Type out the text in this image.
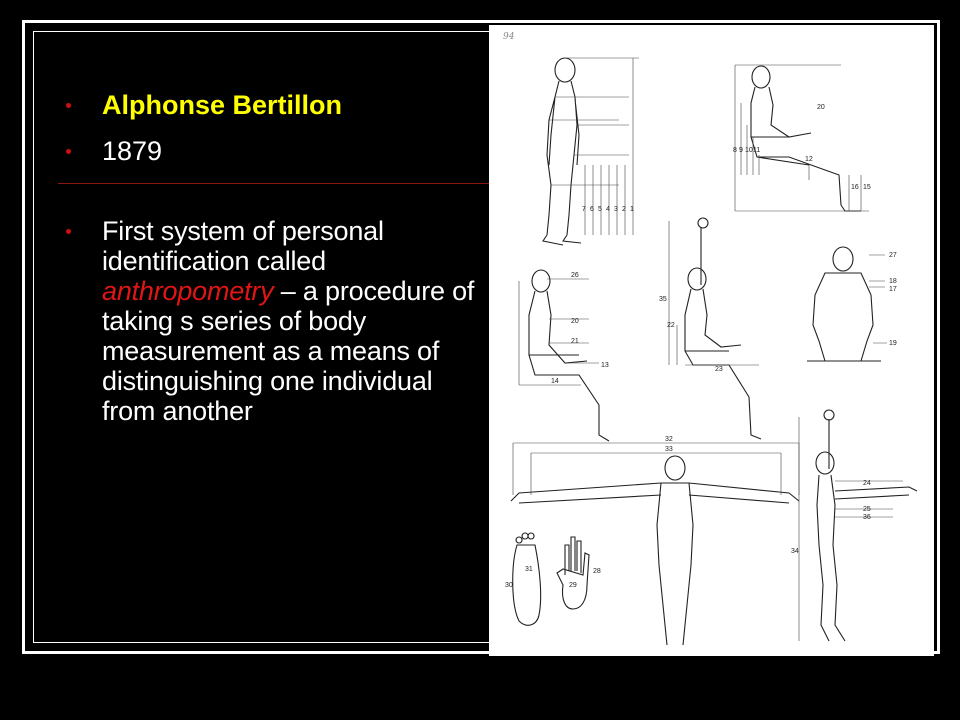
Alphonse Bertillon
1879
First system of personal identification called anthropometry – a procedure of taking s series of body measurement as a means of distinguishing one individual from another
94
7 6 5 4 3 2 1
8 9 10 11
20
12
16 15
26
20
21
13
14
35
22
23
27
18
17
19
32
33
34
24
25
36
31
30	29
28
